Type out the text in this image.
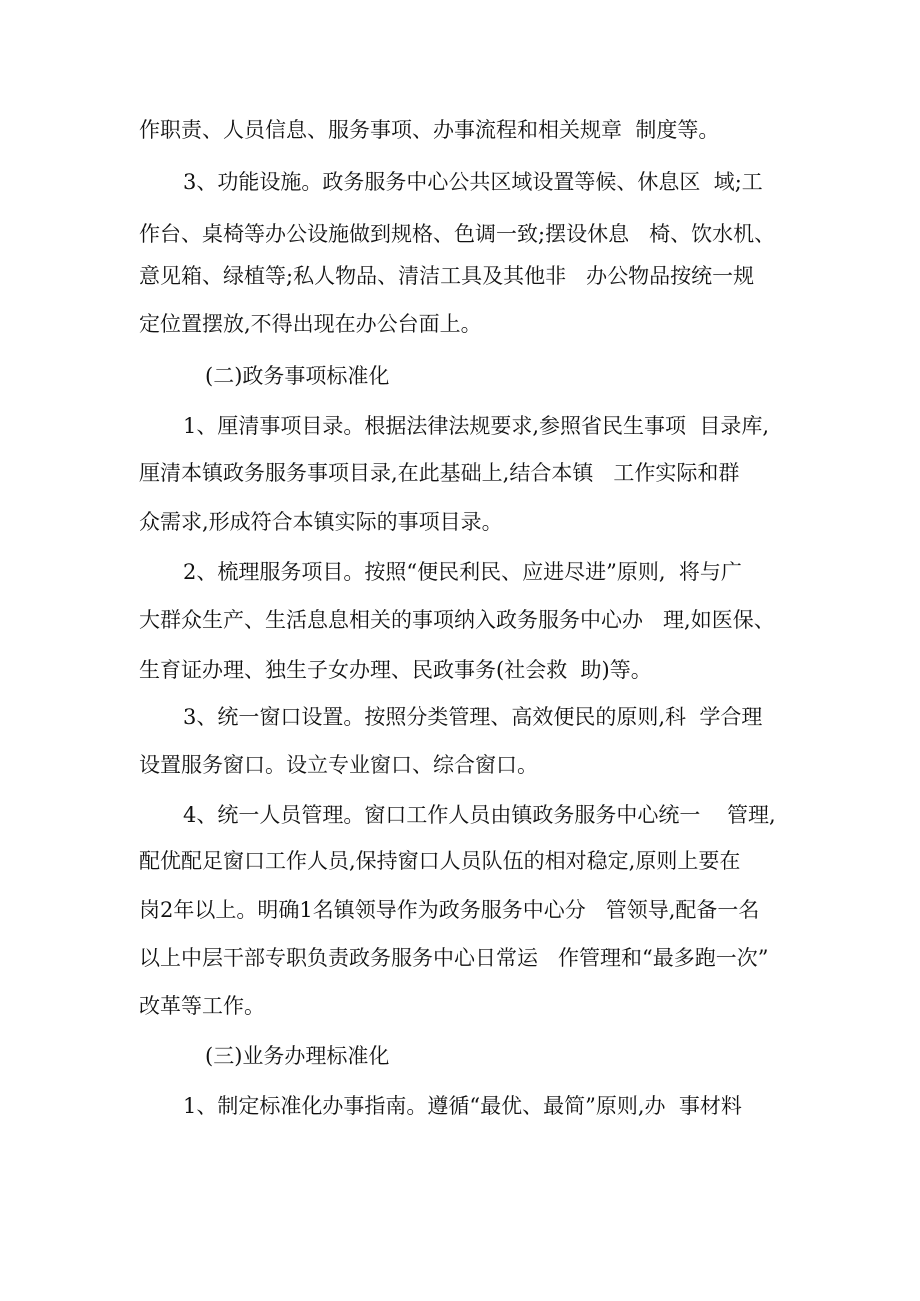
作职责、人员信息、服务事项、办事流程和相关规章  制度等。
3、功能设施。政务服务中心公共区域设置等候、休息区  域;工
作台、桌椅等办公设施做到规格、色调一致;摆设休息   椅、饮水机、
意见箱、绿植等;私人物品、清洁工具及其他非   办公物品按统一规
定位置摆放,不得出现在办公台面上。
(二)政务事项标准化
1、厘清事项目录。根据法律法规要求,参照省民生事项  目录库,
厘清本镇政务服务事项目录,在此基础上,结合本镇   工作实际和群
众需求,形成符合本镇实际的事项目录。
2、梳理服务项目。按照“便民利民、应进尽进”原则,  将与广
大群众生产、生活息息相关的事项纳入政务服务中心办   理,如医保、
生育证办理、独生子女办理、民政事务(社会救  助)等。
3、统一窗口设置。按照分类管理、高效便民的原则,科  学合理
设置服务窗口。设立专业窗口、综合窗口。
4、统一人员管理。窗口工作人员由镇政务服务中心统一    管理,
配优配足窗口工作人员,保持窗口人员队伍的相对稳定,原则上要在
岗2年以上。明确1名镇领导作为政务服务中心分   管领导,配备一名
以上中层干部专职负责政务服务中心日常运   作管理和“最多跑一次”
改革等工作。
(三)业务办理标准化
1、制定标准化办事指南。遵循“最优、最简”原则,办  事材料
